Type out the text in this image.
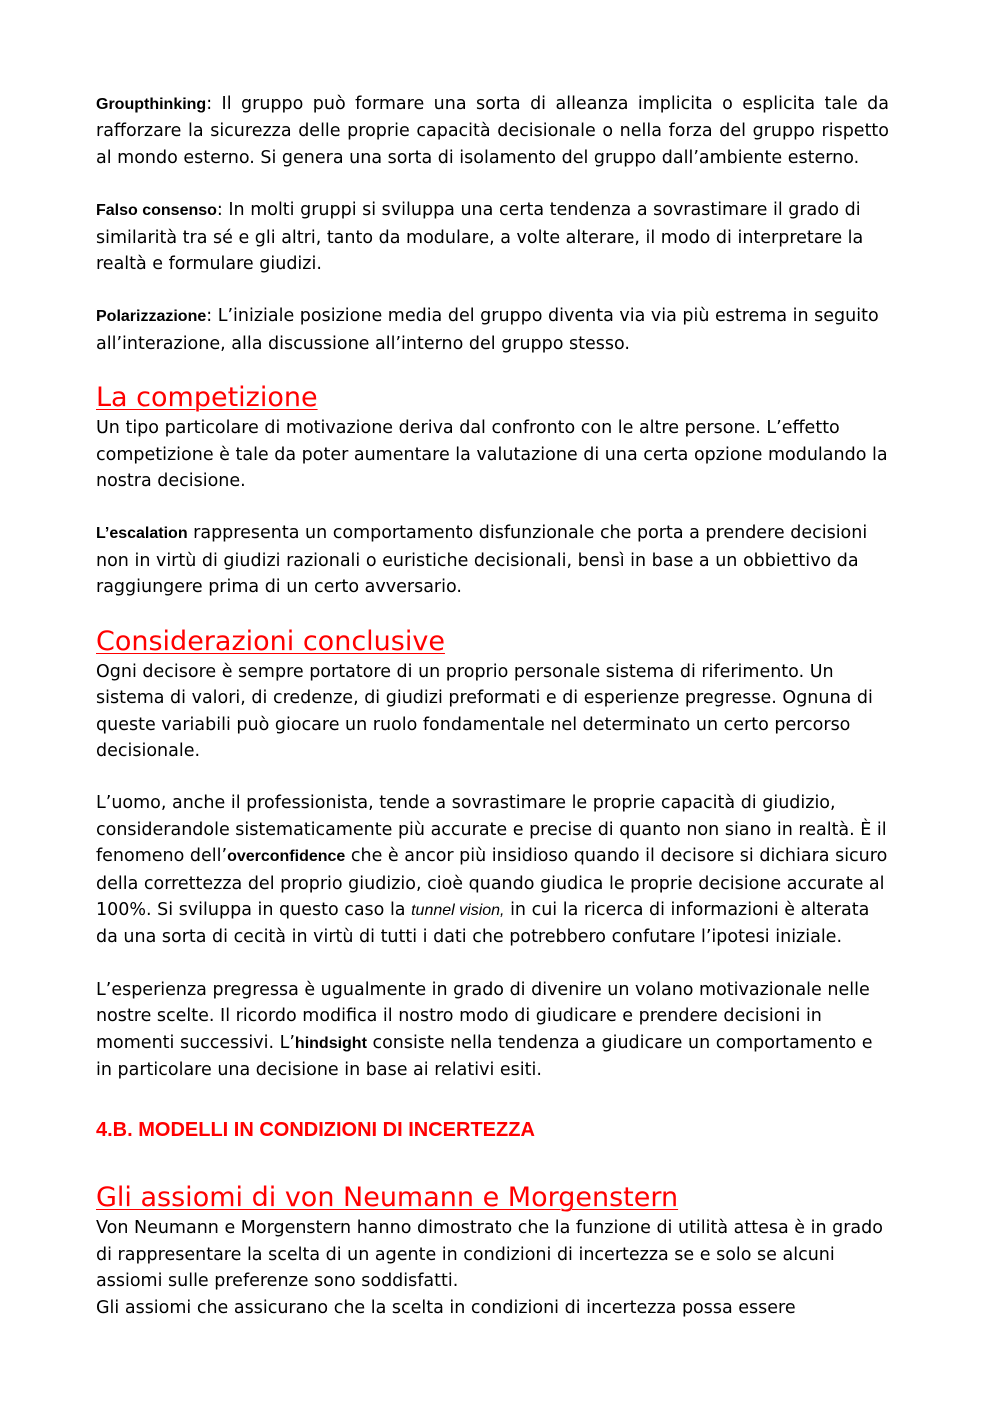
Groupthinking: Il gruppo può formare una sorta di alleanza implicita o esplicita tale da rafforzare la sicurezza delle proprie capacità decisionale o nella forza del gruppo rispetto al mondo esterno. Si genera una sorta di isolamento del gruppo dall’ambiente esterno.

Falso consenso: In molti gruppi si sviluppa una certa tendenza a sovrastimare il grado di similarità tra sé e gli altri, tanto da modulare, a volte alterare, il modo di interpretare la realtà e formulare giudizi.

Polarizzazione: L’iniziale posizione media del gruppo diventa via via più estrema in seguito all’interazione, alla discussione all’interno del gruppo stesso.

La competizione

Un tipo particolare di motivazione deriva dal confronto con le altre persone. L’effetto competizione è tale da poter aumentare la valutazione di una certa opzione modulando la nostra decisione.

L’escalation rappresenta un comportamento disfunzionale che porta a prendere decisioni non in virtù di giudizi razionali o euristiche decisionali, bensì in base a un obbiettivo da raggiungere prima di un certo avversario.

Considerazioni conclusive

Ogni decisore è sempre portatore di un proprio personale sistema di riferimento. Un sistema di valori, di credenze, di giudizi preformati e di esperienze pregresse. Ognuna di queste variabili può giocare un ruolo fondamentale nel determinato un certo percorso decisionale.

L’uomo, anche il professionista, tende a sovrastimare le proprie capacità di giudizio, considerandole sistematicamente più accurate e precise di quanto non siano in realtà. È il fenomeno dell’overconfidence che è ancor più insidioso quando il decisore si dichiara sicuro della correttezza del proprio giudizio, cioè quando giudica le proprie decisione accurate al 100%. Si sviluppa in questo caso la tunnel vision, in cui la ricerca di informazioni è alterata da una sorta di cecità in virtù di tutti i dati che potrebbero confutare l’ipotesi iniziale.

L’esperienza pregressa è ugualmente in grado di divenire un volano motivazionale nelle nostre scelte. Il ricordo modifica il nostro modo di giudicare e prendere decisioni in momenti successivi. L’hindsight consiste nella tendenza a giudicare un comportamento e in particolare una decisione in base ai relativi esiti.

4.B. MODELLI IN CONDIZIONI DI INCERTEZZA
Gli assiomi di von Neumann e Morgenstern

Von Neumann e Morgenstern hanno dimostrato che la funzione di utilità attesa è in grado di rappresentare la scelta di un agente in condizioni di incertezza se e solo se alcuni assiomi sulle preferenze sono soddisfatti.

Gli assiomi che assicurano che la scelta in condizioni di incertezza possa essere
